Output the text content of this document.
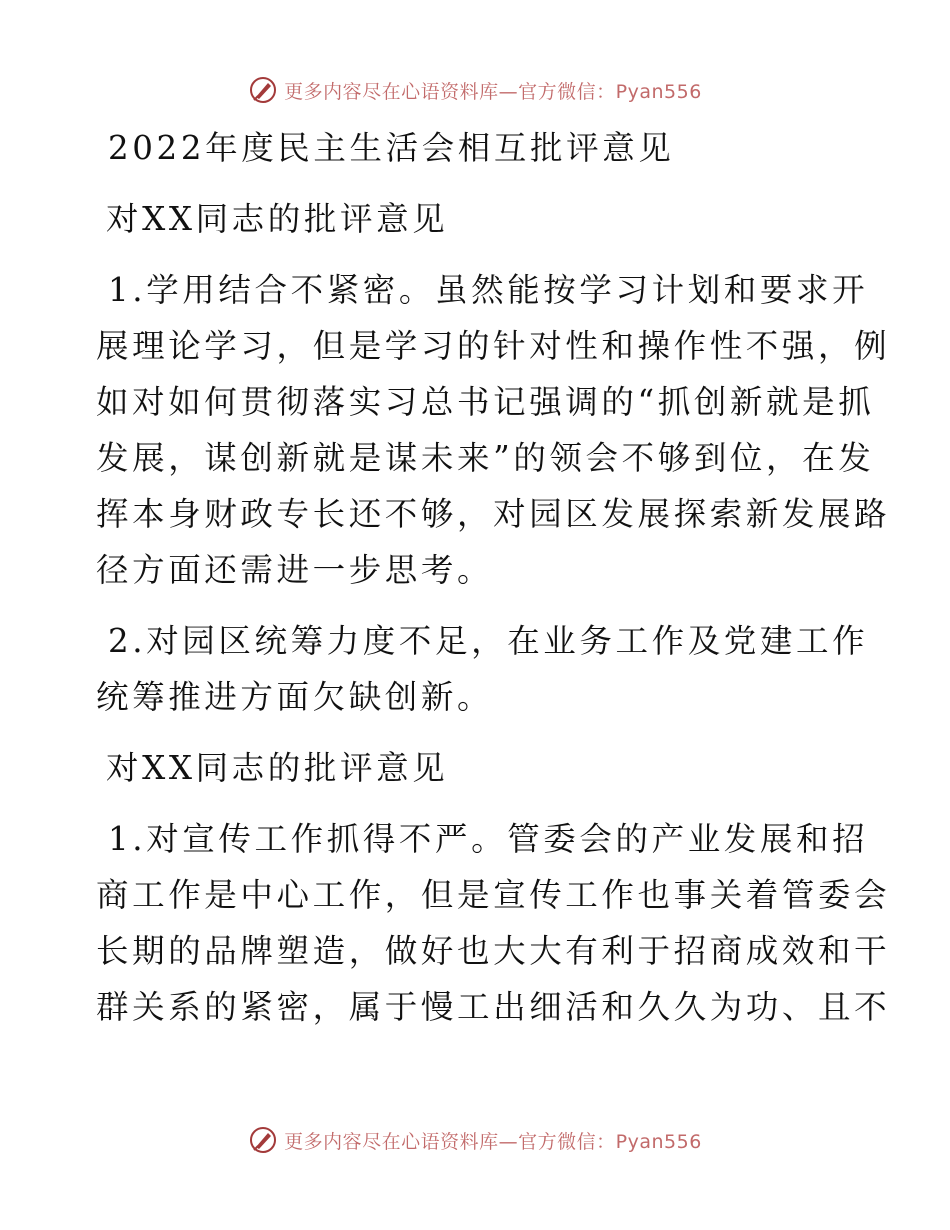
更多内容尽在心语资料库—官方微信：Pyan556

2022年度民主生活会相互批评意见

对XX同志的批评意见

1.学用结合不紧密。虽然能按学习计划和要求开

展理论学习，但是学习的针对性和操作性不强，例

如对如何贯彻落实习总书记强调的“抓创新就是抓

发展，谋创新就是谋未来”的领会不够到位，在发

挥本身财政专长还不够，对园区发展探索新发展路

径方面还需进一步思考。

2.对园区统筹力度不足，在业务工作及党建工作

统筹推进方面欠缺创新。

对XX同志的批评意见

1.对宣传工作抓得不严。管委会的产业发展和招

商工作是中心工作，但是宣传工作也事关着管委会

长期的品牌塑造，做好也大大有利于招商成效和干

群关系的紧密，属于慢工出细活和久久为功、且不

更多内容尽在心语资料库—官方微信：Pyan556
